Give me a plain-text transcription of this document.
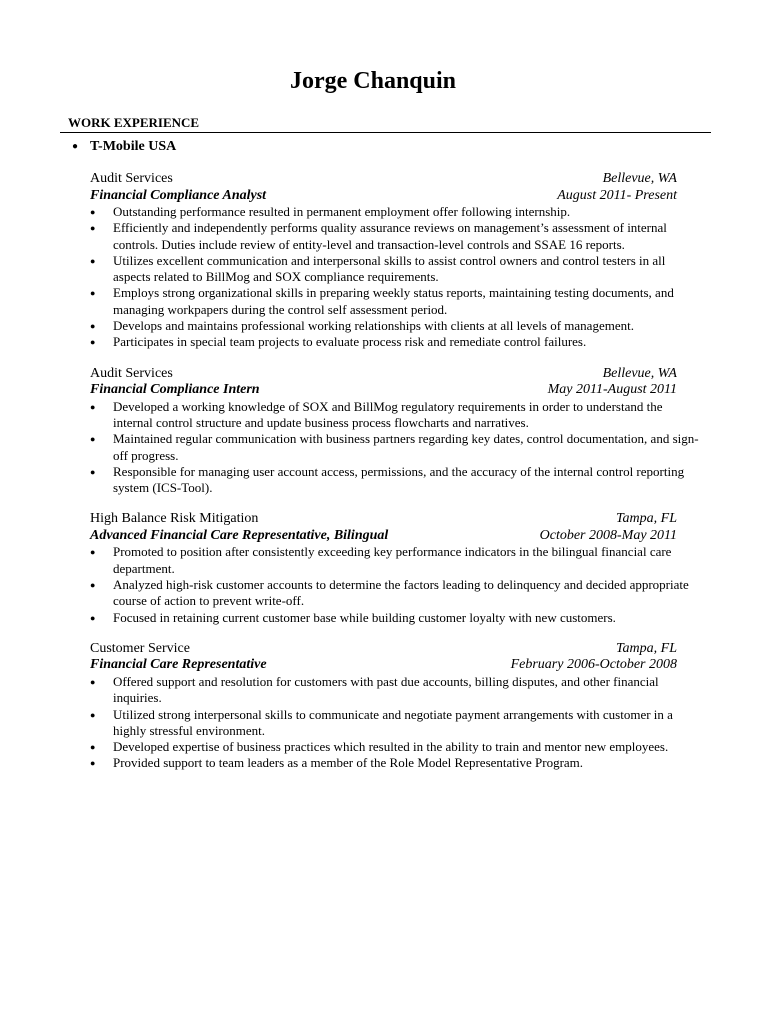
Jorge Chanquin
WORK EXPERIENCE
● T-Mobile USA
Audit Services	Bellevue, WA
Financial Compliance Analyst	August 2011- Present
● Outstanding performance resulted in permanent employment offer following internship.
● Efficiently and independently performs quality assurance reviews on management’s assessment of internal controls. Duties include review of entity-level and transaction-level controls and SSAE 16 reports.
● Utilizes excellent communication and interpersonal skills to assist control owners and control testers in all aspects related to BillMog and SOX compliance requirements.
● Employs strong organizational skills in preparing weekly status reports, maintaining testing documents, and managing workpapers during the control self assessment period.
● Develops and maintains professional working relationships with clients at all levels of management.
● Participates in special team projects to evaluate process risk and remediate control failures.
Audit Services	Bellevue, WA
Financial Compliance Intern	May 2011-August 2011
● Developed a working knowledge of SOX and BillMog regulatory requirements in order to understand the internal control structure and update business process flowcharts and narratives.
● Maintained regular communication with business partners regarding key dates, control documentation, and sign-off progress.
● Responsible for managing user account access, permissions, and the accuracy of the internal control reporting system (ICS-Tool).
High Balance Risk Mitigation	Tampa, FL
Advanced Financial Care Representative, Bilingual	October 2008-May 2011
● Promoted to position after consistently exceeding key performance indicators in the bilingual financial care department.
● Analyzed high-risk customer accounts to determine the factors leading to delinquency and decided appropriate course of action to prevent write-off.
● Focused in retaining current customer base while building customer loyalty with new customers.
Customer Service	Tampa, FL
Financial Care Representative	February 2006-October 2008
● Offered support and resolution for customers with past due accounts, billing disputes, and other financial inquiries.
● Utilized strong interpersonal skills to communicate and negotiate payment arrangements with customer in a highly stressful environment.
● Developed expertise of business practices which resulted in the ability to train and mentor new employees.
● Provided support to team leaders as a member of the Role Model Representative Program.
